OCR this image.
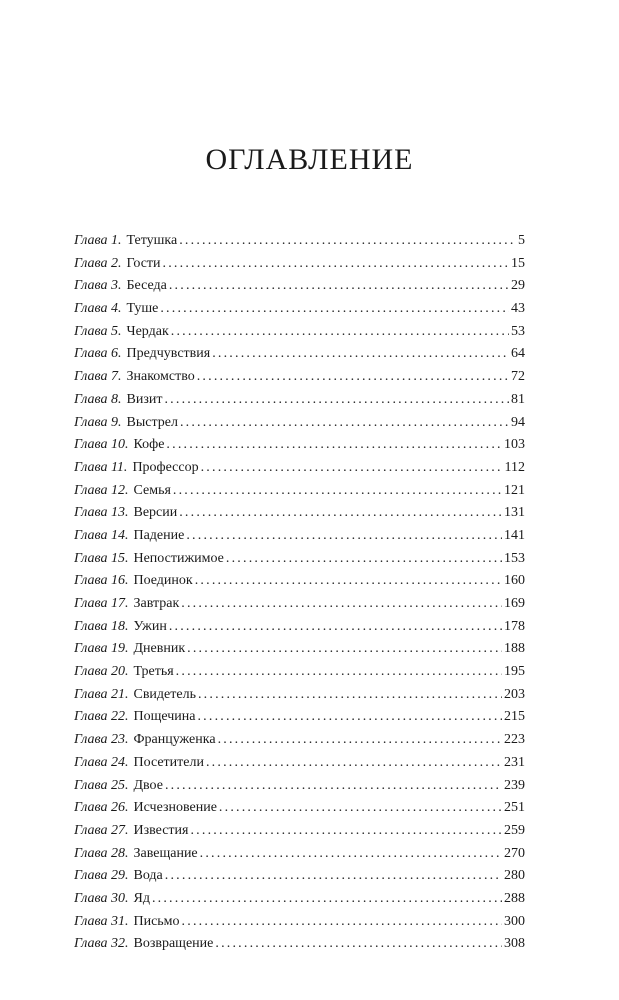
ОГЛАВЛЕНИЕ
Глава 1. Тетушка .....	5
Глава 2. Гости .....	15
Глава 3. Беседа .....	29
Глава 4. Туше .....	43
Глава 5. Чердак .....	53
Глава 6. Предчувствия .....	64
Глава 7. Знакомство .....	72
Глава 8. Визит .....	81
Глава 9. Выстрел .....	94
Глава 10. Кофе .....	103
Глава 11. Профессор .....	112
Глава 12. Семья .....	121
Глава 13. Версии .....	131
Глава 14. Падение .....	141
Глава 15. Непостижимое .....	153
Глава 16. Поединок .....	160
Глава 17. Завтрак .....	169
Глава 18. Ужин .....	178
Глава 19. Дневник .....	188
Глава 20. Третья .....	195
Глава 21. Свидетель .....	203
Глава 22. Пощечина .....	215
Глава 23. Француженка .....	223
Глава 24. Посетители .....	231
Глава 25. Двое .....	239
Глава 26. Исчезновение .....	251
Глава 27. Известия .....	259
Глава 28. Завещание .....	270
Глава 29. Вода .....	280
Глава 30. Яд .....	288
Глава 31. Письмо .....	300
Глава 32. Возвращение .....	308
